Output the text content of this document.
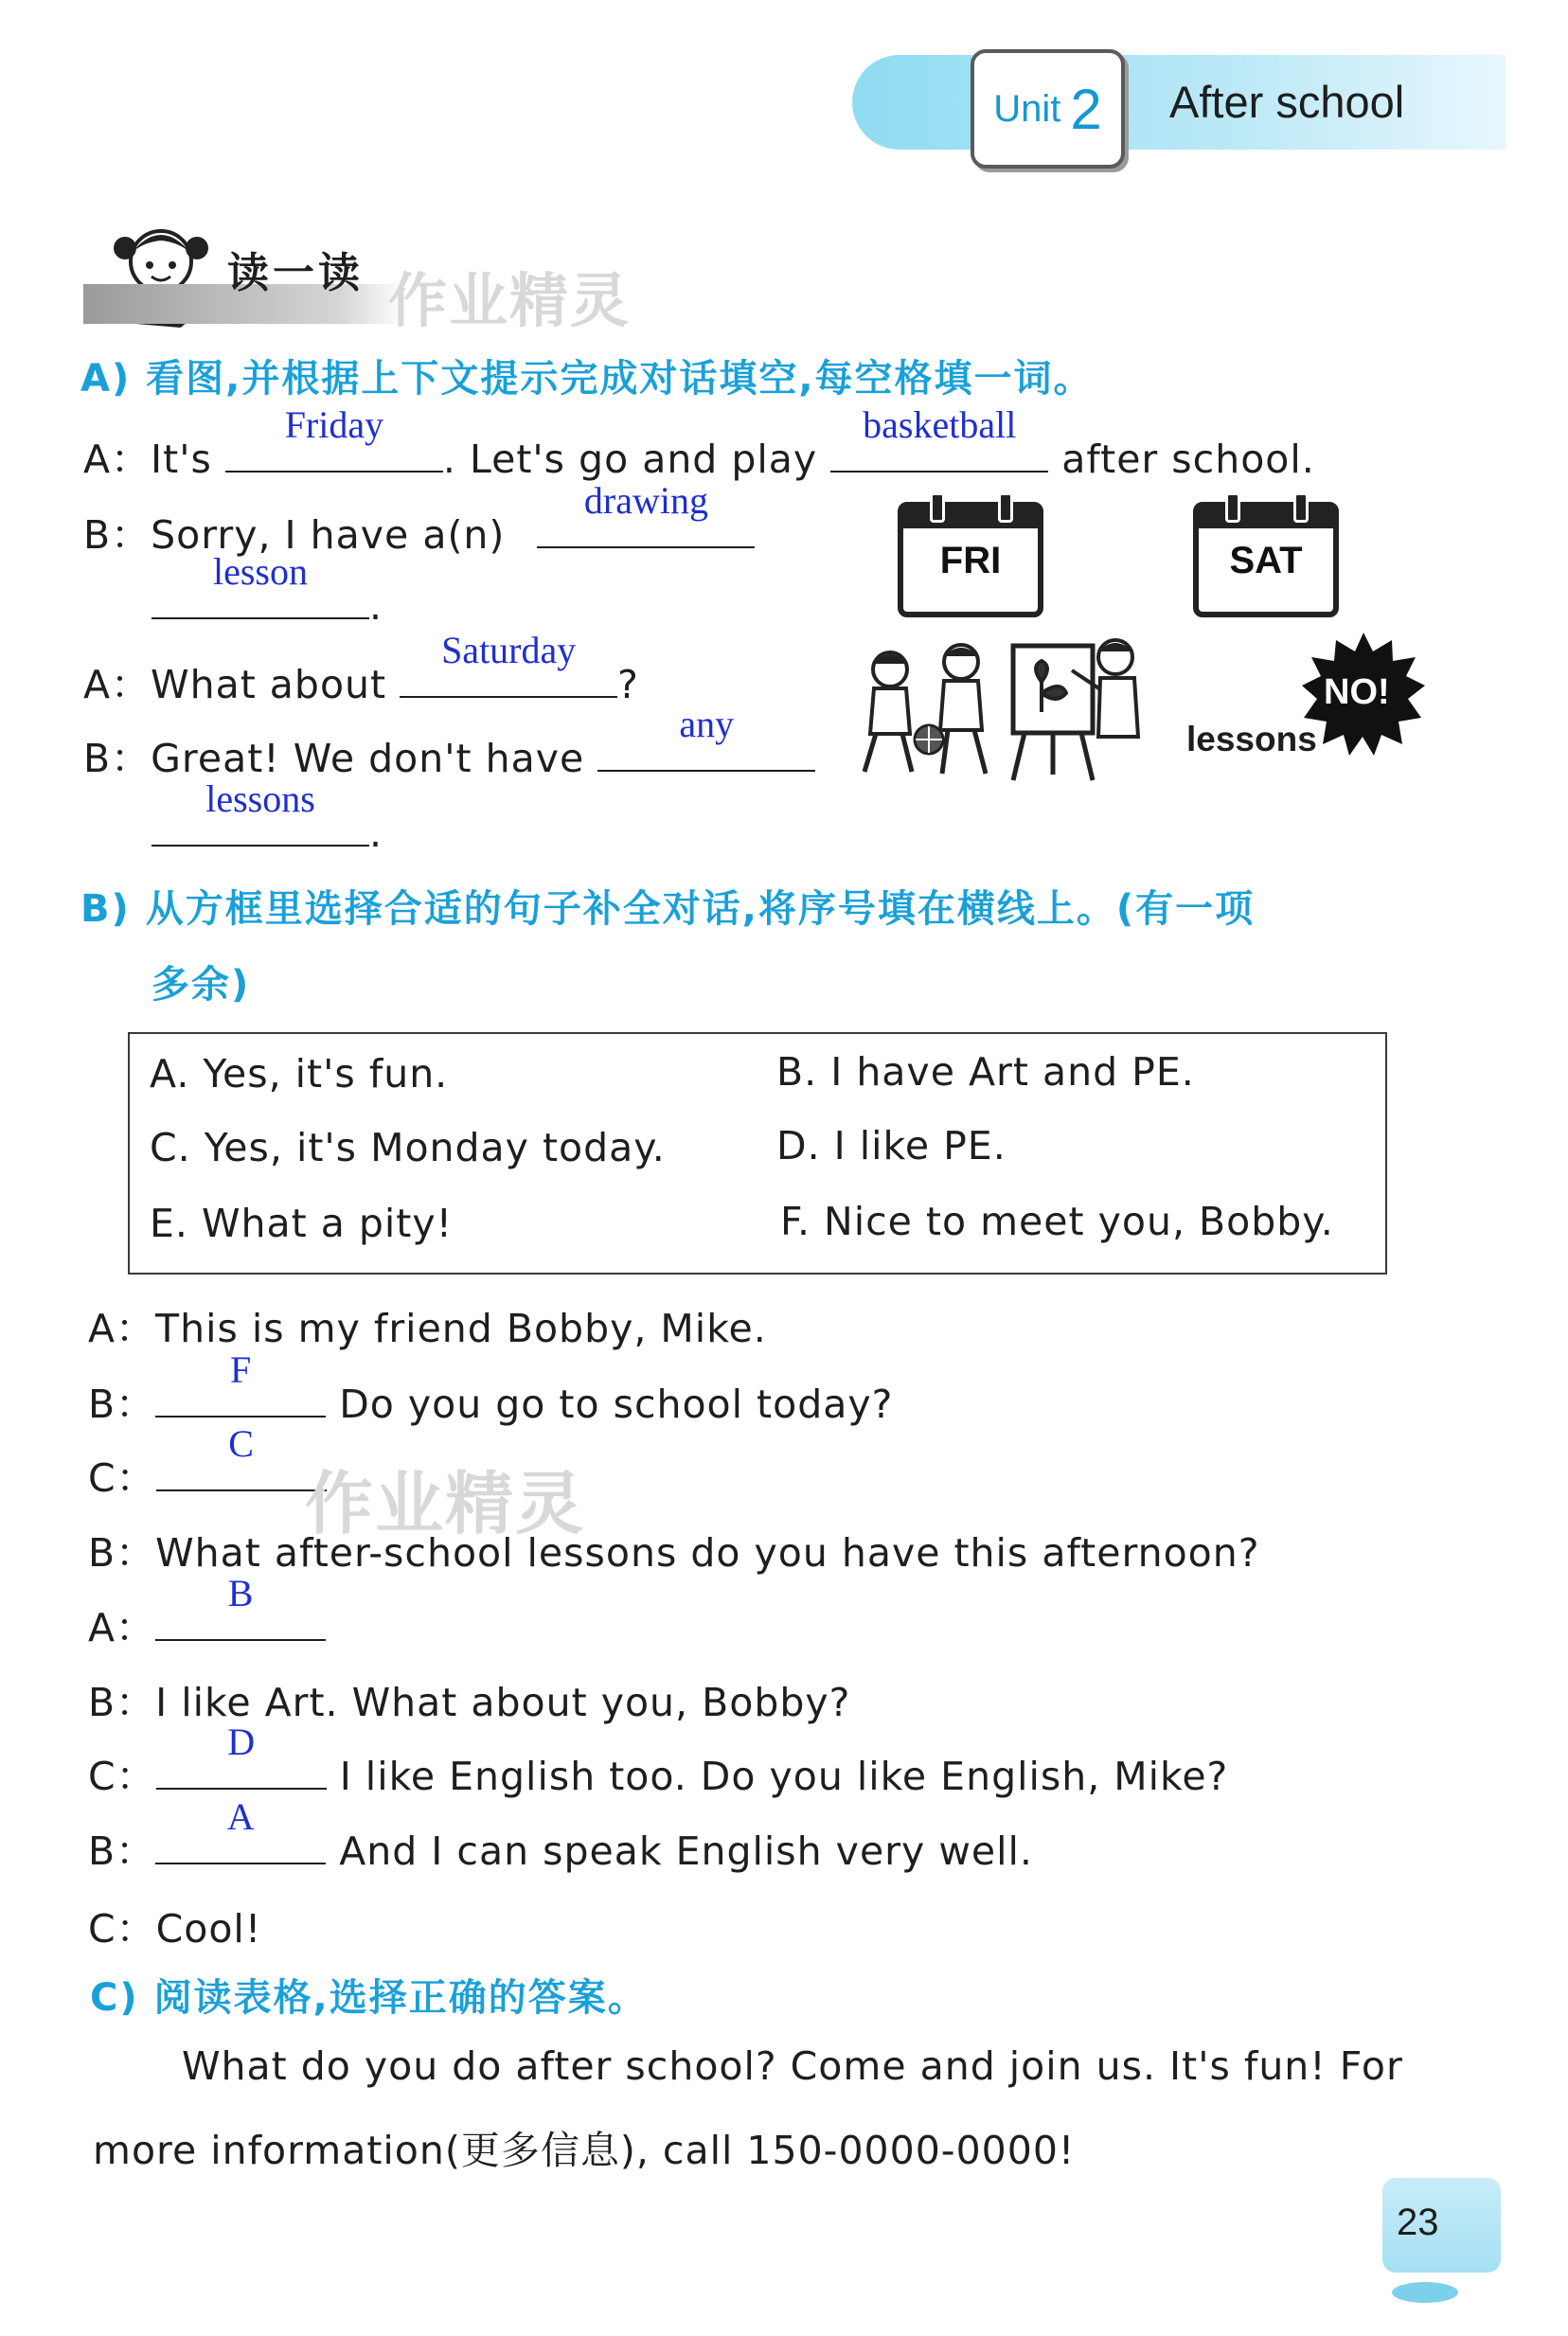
Unit 2 After school
读一读 作业精灵
A) 看图,并根据上下文提示完成对话填空,每空格填一词。
A：It's
Friday
. Let's go and play
basketball
after school.
B：Sorry, I have a(n)
drawing
lesson
.
A：What about
Saturday
?
B：Great! We don't have
any
lessons
.
FRI	SAT
NO!
lessons
B) 从方框里选择合适的句子补全对话,将序号填在横线上。(有一项
多余)
A. Yes, it's fun.	B. I have Art and PE.
C. Yes, it's Monday today.	D. I like PE.
E. What a pity!	F. Nice to meet you, Bobby.
A：This is my friend Bobby, Mike.
B：
F
Do you go to school today?
C：
C
作业精灵
B：What after-school lessons do you have this afternoon?
A：
B
B：I like Art. What about you, Bobby?
C：
D
I like English too. Do you like English, Mike?
B：
A
And I can speak English very well.
C：Cool!
C) 阅读表格,选择正确的答案。
What do you do after school? Come and join us. It's fun! For
more information(更多信息), call 150-0000-0000!
23
